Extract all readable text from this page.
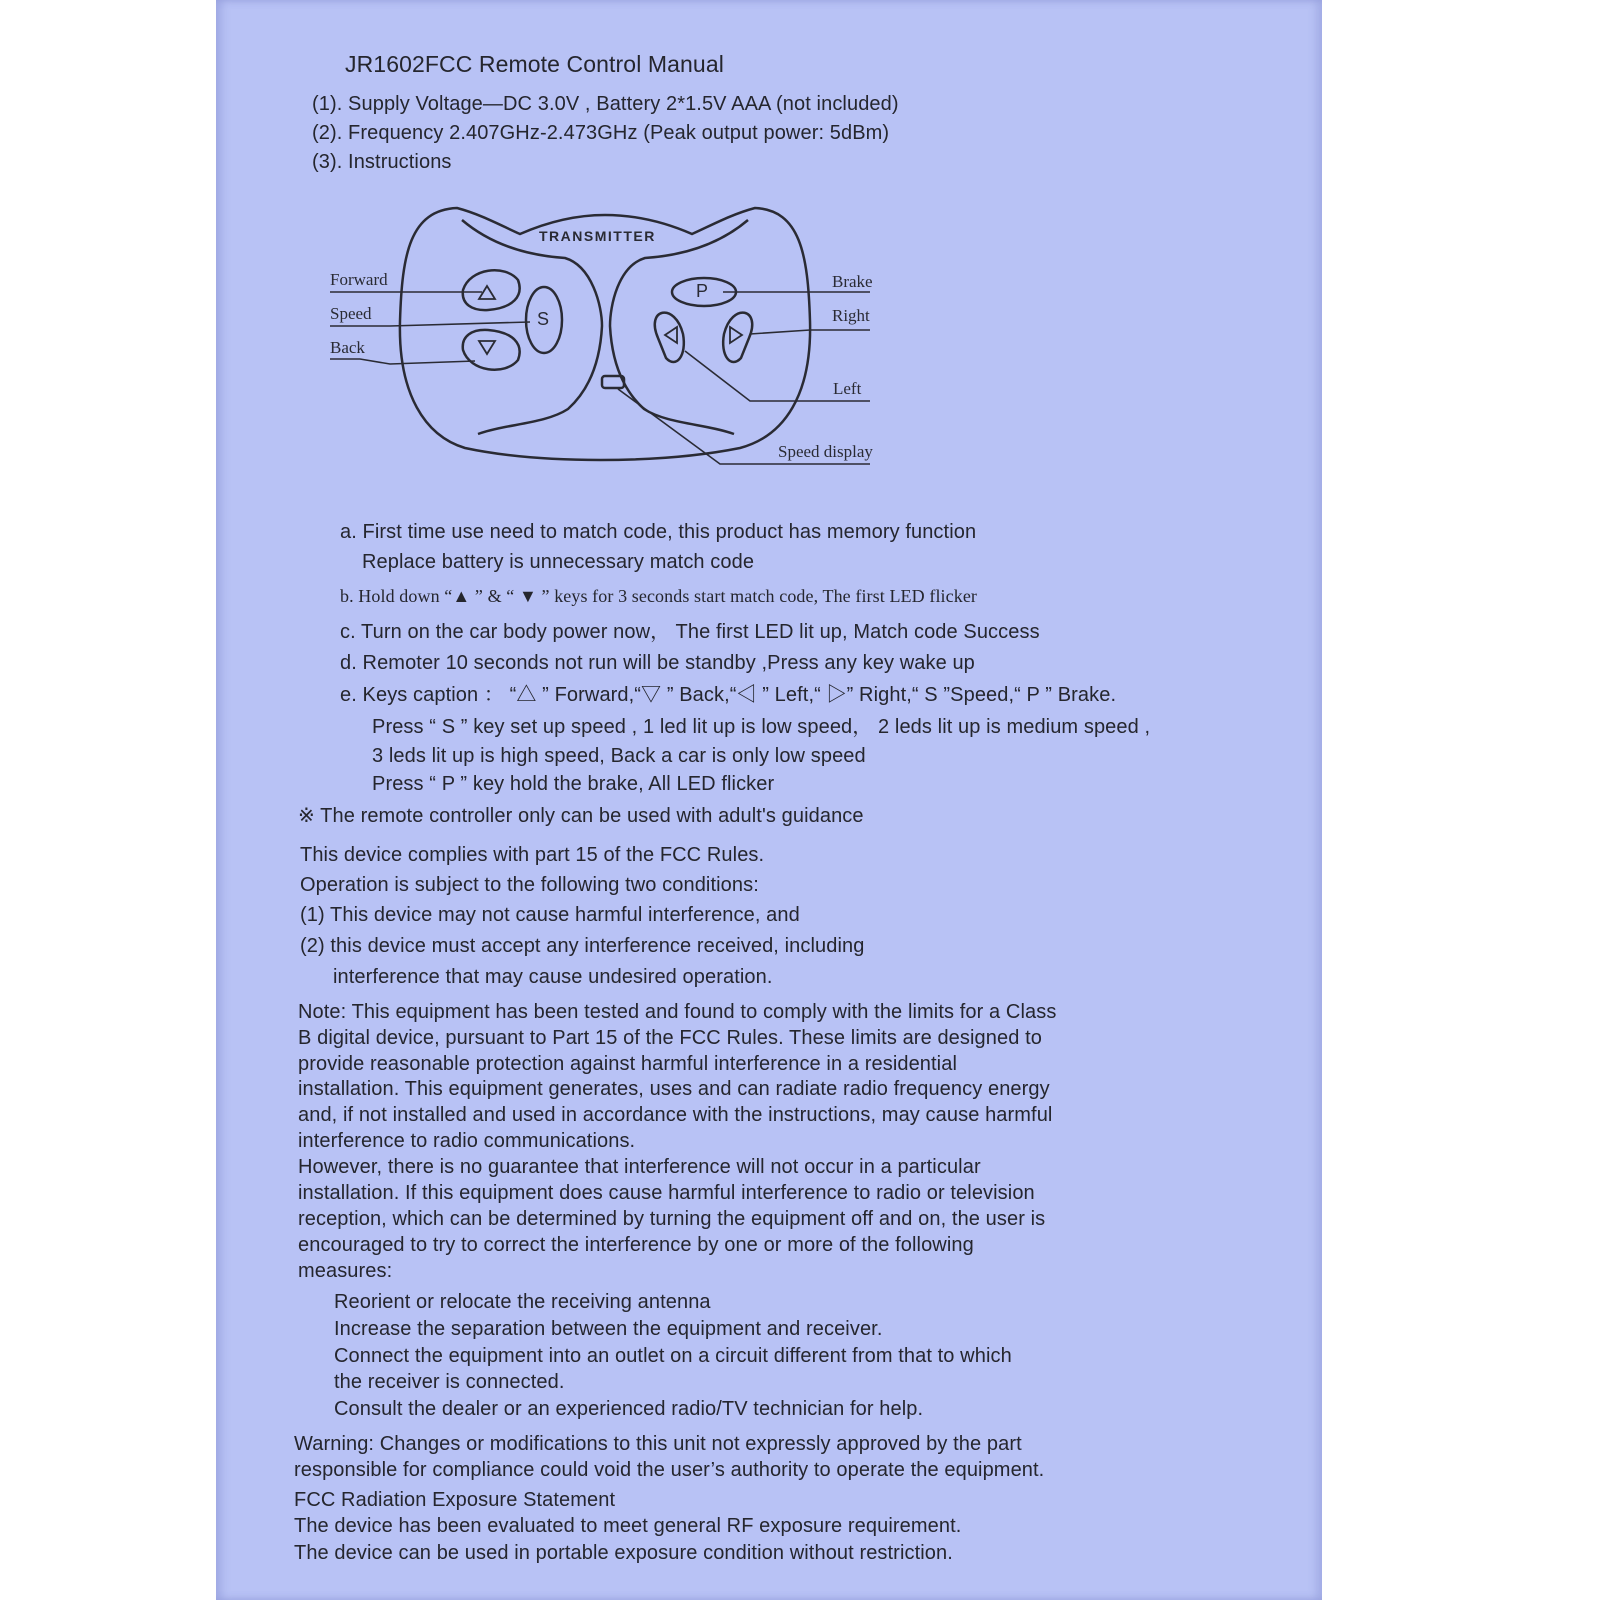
JR1602FCC Remote Control Manual
(1). Supply Voltage—DC 3.0V , Battery 2*1.5V AAA (not included)
(2). Frequency 2.407GHz-2.473GHz (Peak output power: 5dBm)
(3). Instructions
TRANSMITTER
Forward
Speed
Back
Brake
Right
Left
Speed display
S
P
a. First time use need to match code, this product has memory function
Replace battery is unnecessary match code
b. Hold down “▲ ” & “ ▼ ” keys for 3 seconds start match code, The first LED flicker
c. Turn on the car body power now， The first LED lit up, Match code Success
d. Remoter 10 seconds not run will be standby ,Press any key wake up
e. Keys caption ： “△ ” Forward,“▽ ” Back,“◁ ” Left,“ ▷” Right,“ S ”Speed,“ P ” Brake.
Press “ S ” key set up speed , 1 led lit up is low speed， 2 leds lit up is medium speed ,
3 leds lit up is high speed, Back a car is only low speed
Press “ P ” key hold the brake, All LED flicker
※ The remote controller only can be used with adult's guidance
This device complies with part 15 of the FCC Rules.
Operation is subject to the following two conditions:
(1) This device may not cause harmful interference, and
(2) this device must accept any interference received, including
interference that may cause undesired operation.
Note: This equipment has been tested and found to comply with the limits for a Class
B digital device, pursuant to Part 15 of the FCC Rules. These limits are designed to
provide reasonable protection against harmful interference in a residential
installation. This equipment generates, uses and can radiate radio frequency energy
and, if not installed and used in accordance with the instructions, may cause harmful
interference to radio communications.
However, there is no guarantee that interference will not occur in a particular
installation. If this equipment does cause harmful interference to radio or television
reception, which can be determined by turning the equipment off and on, the user is
encouraged to try to correct the interference by one or more of the following
measures:
Reorient or relocate the receiving antenna
Increase the separation between the equipment and receiver.
Connect the equipment into an outlet on a circuit different from that to which
the receiver is connected.
Consult the dealer or an experienced radio/TV technician for help.
Warning: Changes or modifications to this unit not expressly approved by the part
responsible for compliance could void the user’s authority to operate the equipment.
FCC Radiation Exposure Statement
The device has been evaluated to meet general RF exposure requirement.
The device can be used in portable exposure condition without restriction.
